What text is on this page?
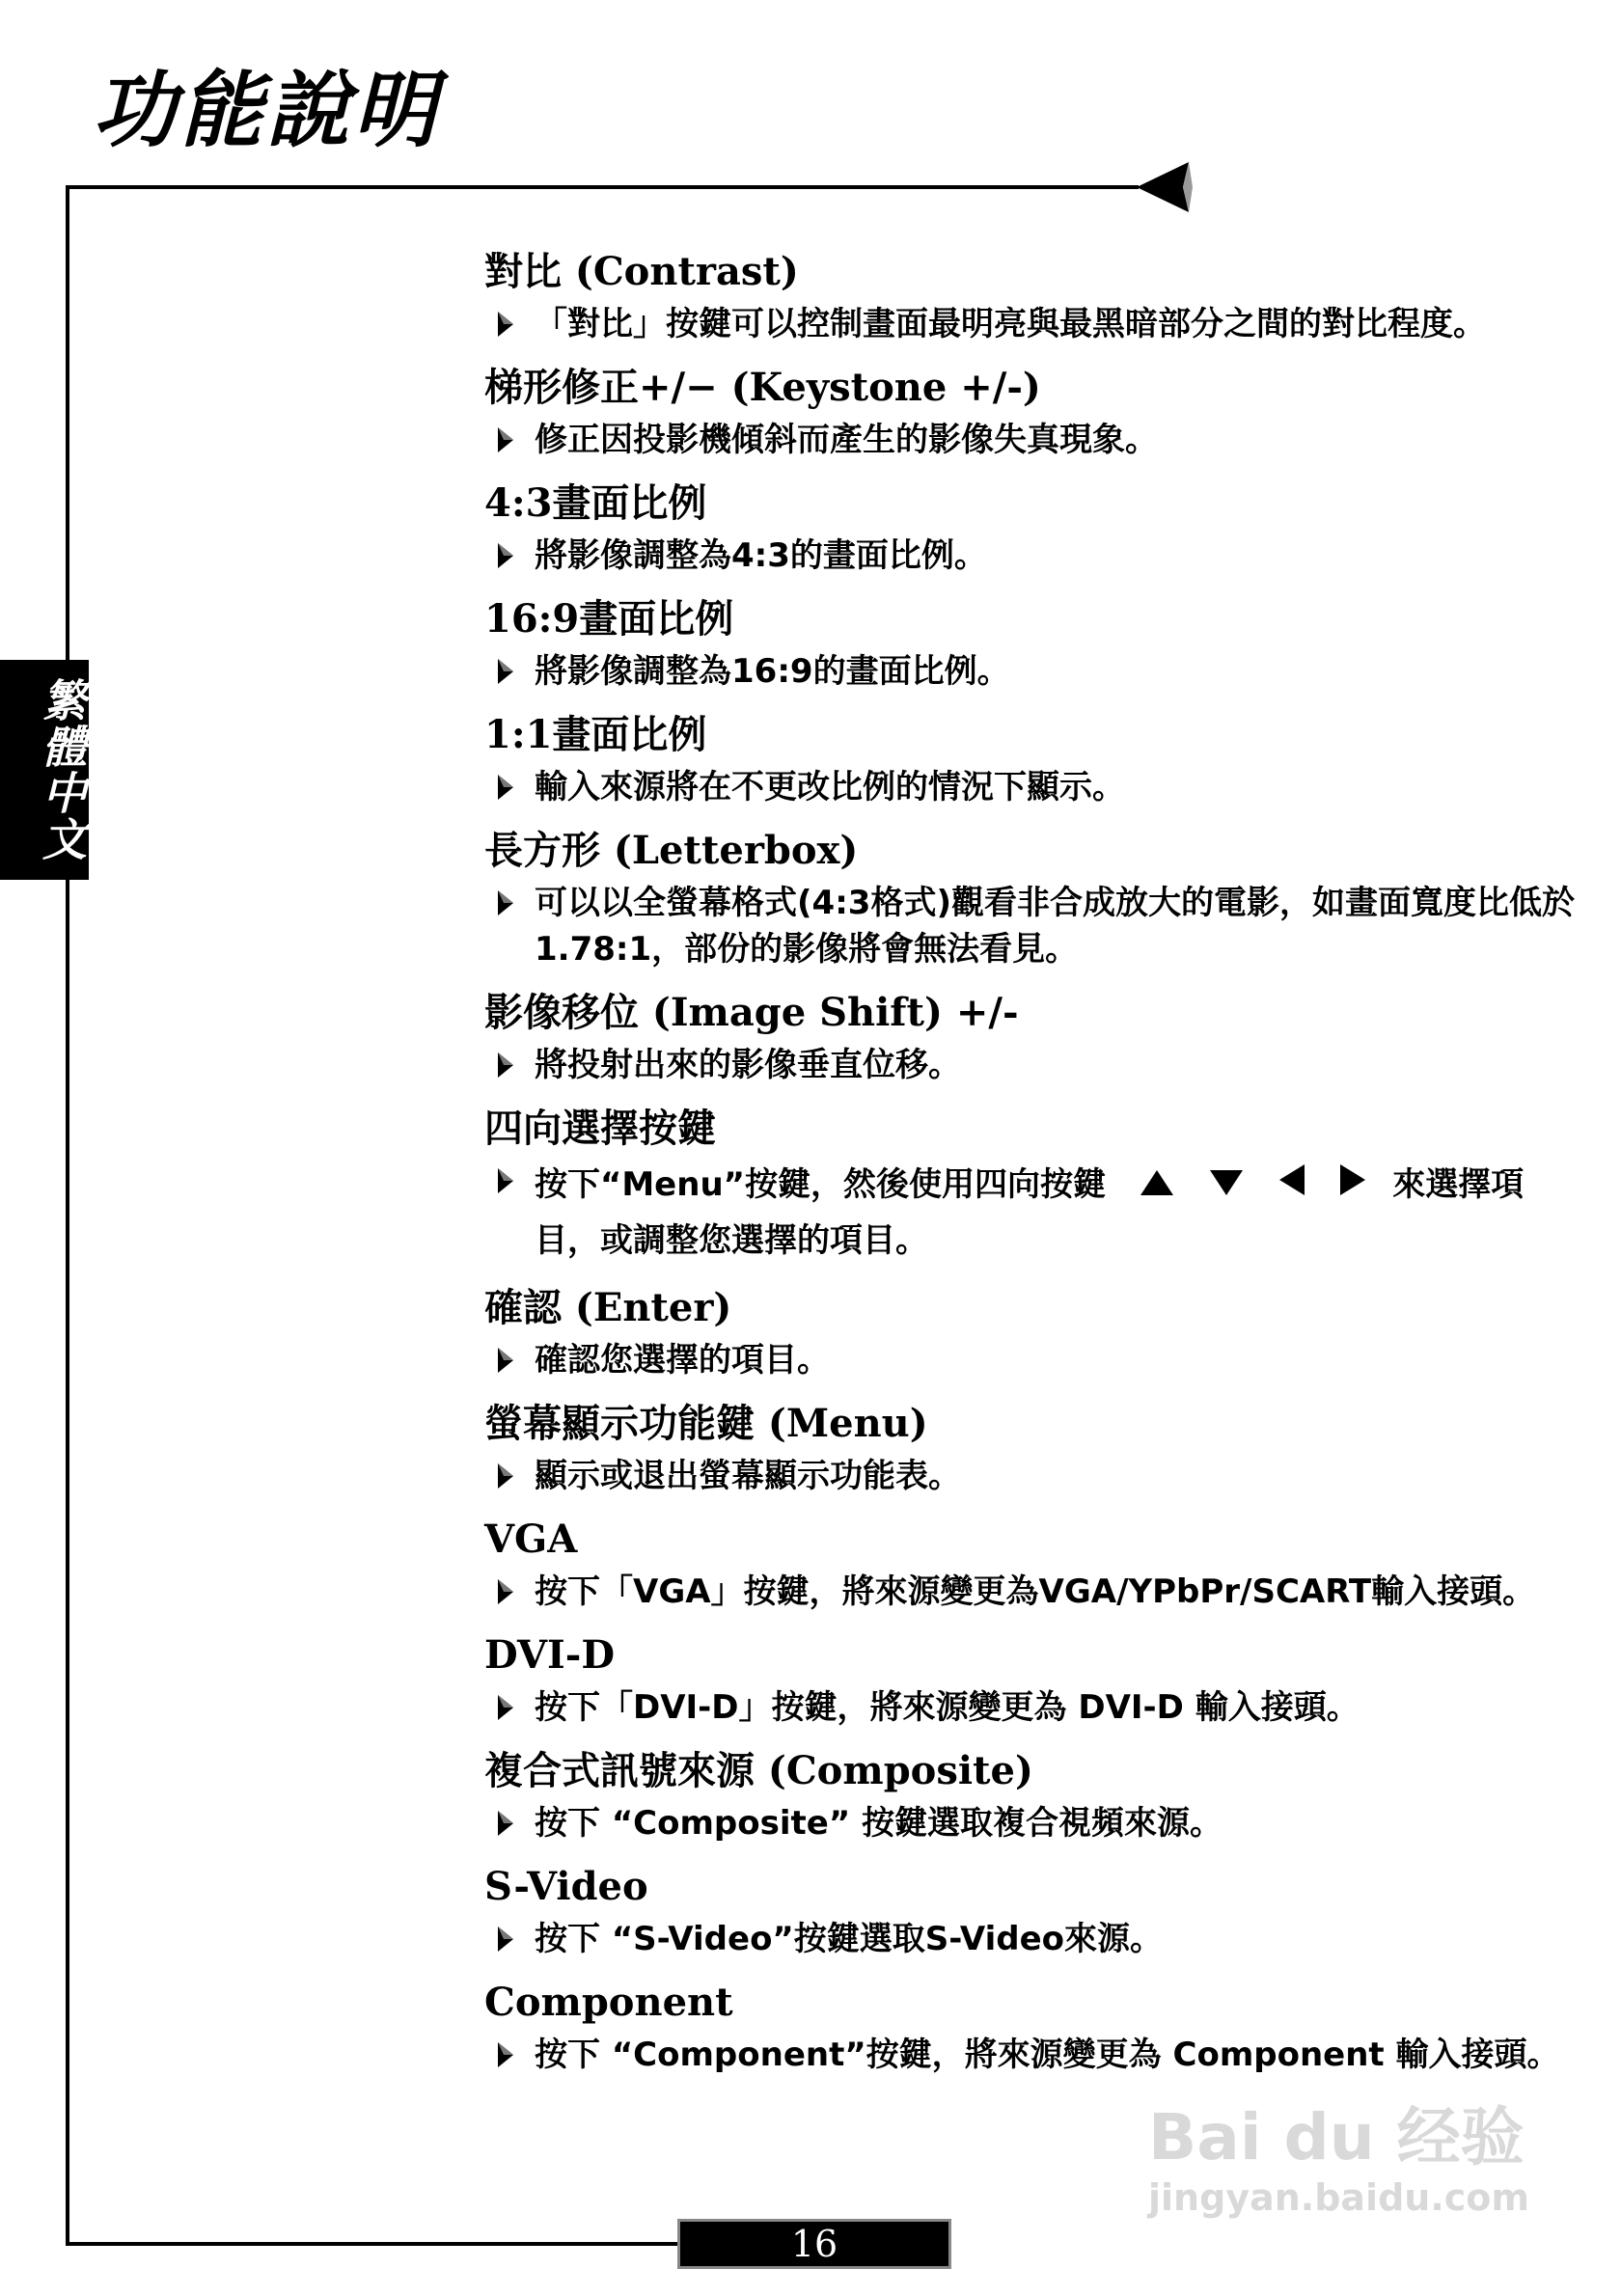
功能說明
繁體中文

對比 (Contrast)

「對比」按鍵可以控制畫面最明亮與最黑暗部分之間的對比程度。

梯形修正+/− (Keystone +/-)

修正因投影機傾斜而產生的影像失真現象。

4:3畫面比例

將影像調整為4:3的畫面比例。

16:9畫面比例

將影像調整為16:9的畫面比例。

1:1畫面比例

輸入來源將在不更改比例的情況下顯示。

長方形 (Letterbox)

可以以全螢幕格式(4:3格式)觀看非合成放大的電影，如畫面寬度比低於1.78:1，部份的影像將會無法看見。

影像移位 (Image Shift) +/-

將投射出來的影像垂直位移。

四向選擇按鍵

按下“Menu”按鍵，然後使用四向按鍵	來選擇項目，或調整您選擇的項目。

確認 (Enter)

確認您選擇的項目。

螢幕顯示功能鍵 (Menu)

顯示或退出螢幕顯示功能表。

VGA

按下「VGA」按鍵，將來源變更為VGA/YPbPr/SCART輸入接頭。

DVI-D

按下「DVI-D」按鍵，將來源變更為 DVI-D 輸入接頭。

複合式訊號來源 (Composite)

按下 “Composite” 按鍵選取複合視頻來源。

S-Video

按下 “S-Video”按鍵選取S-Video來源。

Component

按下 “Component”按鍵，將來源變更為 Component 輸入接頭。
16
Bai du 经验
jingyan.baidu.com
